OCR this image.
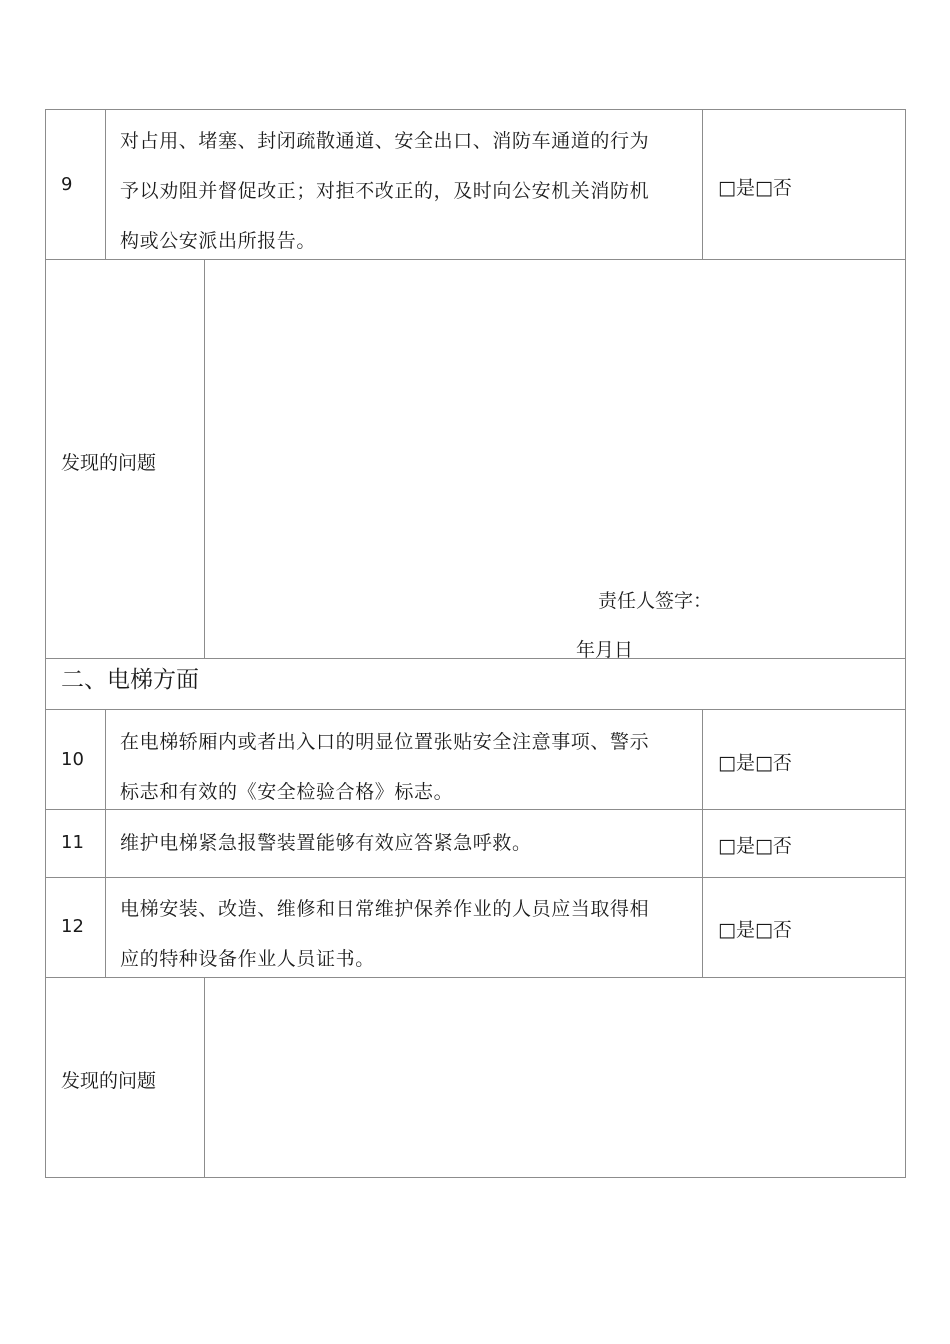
9

对占用、堵塞、封闭疏散通道、安全出口、消防车通道的行为

予以劝阻并督促改正；对拒不改正的，及时向公安机关消防机

构或公安派出所报告。

□是□否
发现的问题
责任人签字：
年月日
二、电梯方面
10

在电梯轿厢内或者出入口的明显位置张贴安全注意事项、警示

标志和有效的《安全检验合格》标志。

□是□否
11 维护电梯紧急报警装置能够有效应答紧急呼救。	□是□否
12

电梯安装、改造、维修和日常维护保养作业的人员应当取得相

应的特种设备作业人员证书。

□是□否
发现的问题
